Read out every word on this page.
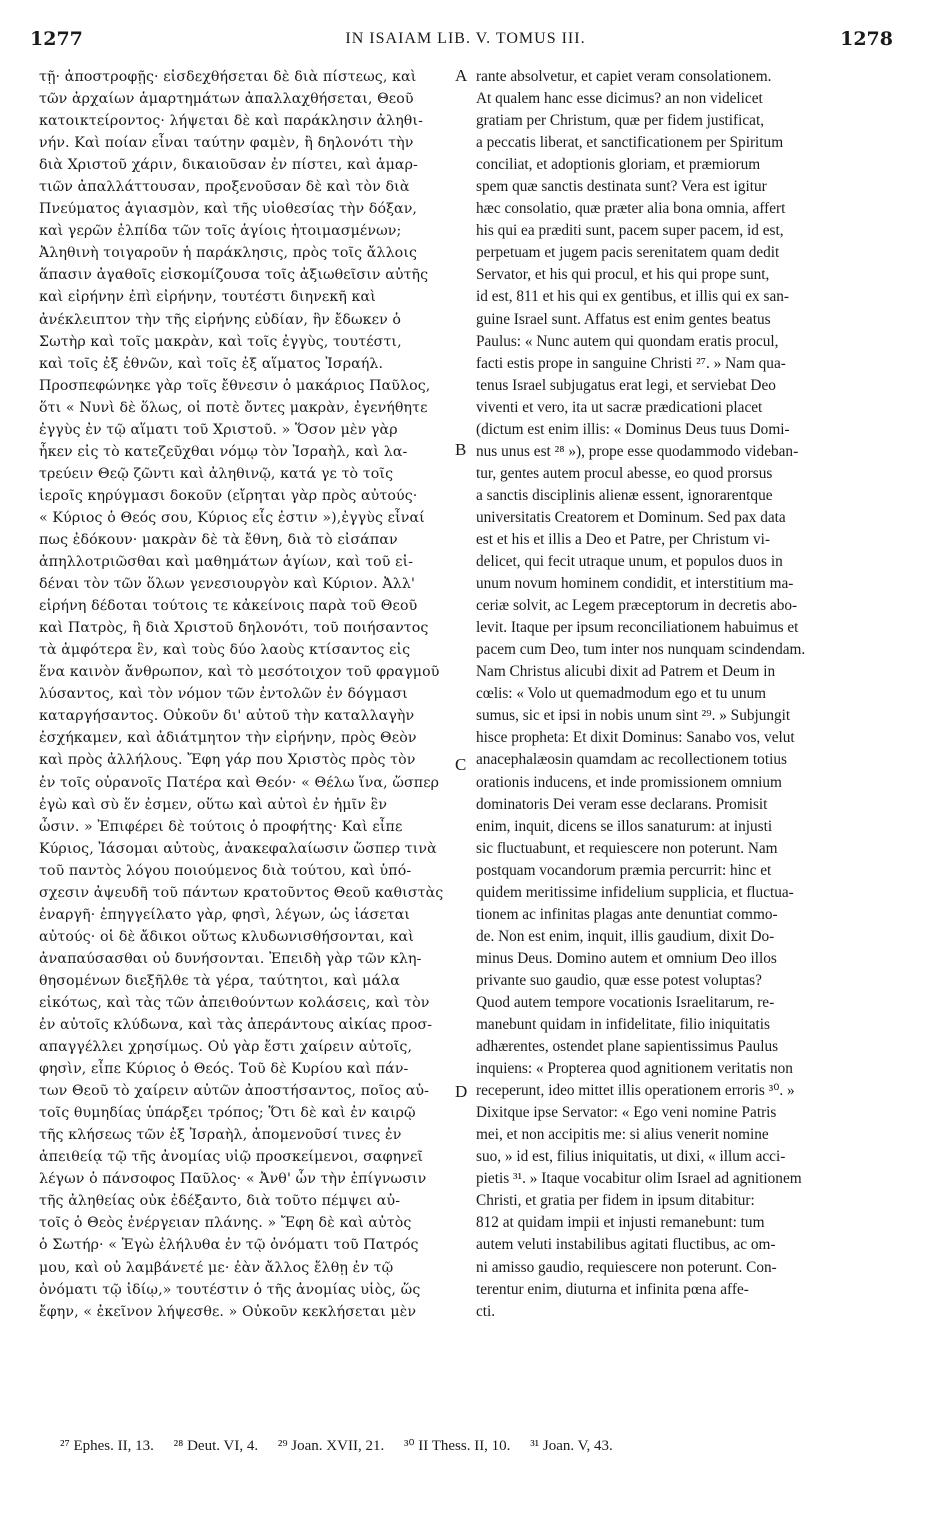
1277	IN ISAIAM LIB. V. TOMUS III.	1278
τῇ· ἀποστροφῇς· εἰσδεχθήσεται δὲ διὰ πίστεως, καὶ
τῶν ἀρχαίων ἁμαρτημάτων ἀπαλλαχθήσεται, Θεοῦ
κατοικτείροντος· λήψεται δὲ καὶ παράκλησιν ἀληθι-
νήν. Καὶ ποίαν εἶναι ταύτην φαμὲν, ἢ δηλονότι τὴν
διὰ Χριστοῦ χάριν, δικαιοῦσαν ἐν πίστει, καὶ ἁμαρ-
τιῶν ἀπαλλάττουσαν, προξενοῦσαν δὲ καὶ τὸν διὰ
Πνεύματος ἁγιασμὸν, καὶ τῆς υἱοθεσίας τὴν δόξαν,
καὶ γερῶν ἐλπίδα τῶν τοῖς ἁγίοις ἡτοιμασμένων;
Ἀληθινὴ τοιγαροῦν ἡ παράκλησις, πρὸς τοῖς ἄλλοις
ἅπασιν ἀγαθοῖς εἰσκομίζουσα τοῖς ἀξιωθεῖσιν αὐτῆς
καὶ εἰρήνην ἐπὶ εἰρήνην, τουτέστι διηνεκῆ καὶ
ἀνέκλειπτον τὴν τῆς εἰρήνης εὐδίαν, ἣν ἔδωκεν ὁ
Σωτὴρ καὶ τοῖς μακρὰν, καὶ τοῖς ἐγγὺς, τουτέστι,
καὶ τοῖς ἐξ ἐθνῶν, καὶ τοῖς ἐξ αἵματος Ἰσραήλ.
Προσπεφώνηκε γὰρ τοῖς ἔθνεσιν ὁ μακάριος Παῦλος,
ὅτι « Νυνὶ δὲ ὅλως, οἱ ποτὲ ὄντες μακρὰν, ἐγενήθητε
ἐγγὺς ἐν τῷ αἵματι τοῦ Χριστοῦ. » Ὅσον μὲν γὰρ
ἧκεν εἰς τὸ κατεζεῦχθαι νόμῳ τὸν Ἰσραὴλ, καὶ λα-
τρεύειν Θεῷ ζῶντι καὶ ἀληθινῷ, κατά γε τὸ τοῖς
ἱεροῖς κηρύγμασι δοκοῦν (εἴρηται γὰρ πρὸς αὐτούς·
« Κύριος ὁ Θεός σου, Κύριος εἷς ἐστιν »),ἐγγὺς εἶναί
πως ἐδόκουν· μακρὰν δὲ τὰ ἔθνη, διὰ τὸ εἰσάπαν
ἀπηλλοτριῶσθαι καὶ μαθημάτων ἁγίων, καὶ τοῦ εἰ-
δέναι τὸν τῶν ὅλων γενεσιουργὸν καὶ Κύριον. Ἀλλ'
εἰρήνη δέδοται τούτοις τε κἀκείνοις παρὰ τοῦ Θεοῦ
καὶ Πατρὸς, ἢ διὰ Χριστοῦ δηλονότι, τοῦ ποιήσαντος
τὰ ἀμφότερα ἓν, καὶ τοὺς δύο λαοὺς κτίσαντος εἰς
ἕνα καινὸν ἄνθρωπον, καὶ τὸ μεσότοιχον τοῦ φραγμοῦ
λύσαντος, καὶ τὸν νόμον τῶν ἐντολῶν ἐν δόγμασι
καταργήσαντος. Οὐκοῦν δι' αὐτοῦ τὴν καταλλαγὴν
ἐσχήκαμεν, καὶ ἀδιάτμητον τὴν εἰρήνην, πρὸς Θεὸν
καὶ πρὸς ἀλλήλους. Ἔφη γάρ που Χριστὸς πρὸς τὸν
ἐν τοῖς οὐρανοῖς Πατέρα καὶ Θεόν· « Θέλω ἵνα, ὥσπερ
ἐγὼ καὶ σὺ ἕν ἐσμεν, οὕτω καὶ αὐτοὶ ἐν ἡμῖν ἓν
ὦσιν. » Ἐπιφέρει δὲ τούτοις ὁ προφήτης· Καὶ εἶπε
Κύριος, Ἰάσομαι αὐτοὺς, ἀνακεφαλαίωσιν ὥσπερ τινὰ
τοῦ παντὸς λόγου ποιούμενος διὰ τούτου, καὶ ὑπό-
σχεσιν ἀψευδῆ τοῦ πάντων κρατοῦντος Θεοῦ καθιστὰς
ἐναργῆ· ἐπηγγείλατο γὰρ, φησὶ, λέγων, ὡς ἰάσεται
αὐτούς· οἱ δὲ ἄδικοι οὕτως κλυδωνισθήσονται, καὶ
ἀναπαύσασθαι οὐ δυνήσονται. Ἐπειδὴ γὰρ τῶν κλη-
θησομένων διεξῆλθε τὰ γέρα, ταύτητοι, καὶ μάλα
εἰκότως, καὶ τὰς τῶν ἀπειθούντων κολάσεις, καὶ τὸν
ἐν αὐτοῖς κλύδωνα, καὶ τὰς ἀπεράντους αἰκίας προσ-
απαγγέλλει χρησίμως. Οὐ γὰρ ἔστι χαίρειν αὐτοῖς,
φησὶν, εἶπε Κύριος ὁ Θεός. Τοῦ δὲ Κυρίου καὶ πάν-
των Θεοῦ τὸ χαίρειν αὐτῶν ἀποστήσαντος, ποῖος αὐ-
τοῖς θυμηδίας ὑπάρξει τρόπος; Ὅτι δὲ καὶ ἐν καιρῷ
τῆς κλήσεως τῶν ἐξ Ἰσραὴλ, ἀπομενοῦσί τινες ἐν
ἀπειθείᾳ τῷ τῆς ἀνομίας υἱῷ προσκείμενοι, σαφηνεῖ
λέγων ὁ πάνσοφος Παῦλος· « Ἀνθ' ὧν τὴν ἐπίγνωσιν
τῆς ἀληθείας οὐκ ἐδέξαντο, διὰ τοῦτο πέμψει αὐ-
τοῖς ὁ Θεὸς ἐνέργειαν πλάνης. » Ἔφη δὲ καὶ αὐτὸς
ὁ Σωτήρ· « Ἐγὼ ἐλήλυθα ἐν τῷ ὀνόματι τοῦ Πατρός
μου, καὶ οὐ λαμβάνετέ με· ἐὰν ἄλλος ἔλθῃ ἐν τῷ
ὀνόματι τῷ ἰδίῳ,» τουτέστιν ὁ τῆς ἀνομίας υἱὸς, ὥς
ἔφην, « ἐκεῖνον λήψεσθε. » Οὐκοῦν κεκλήσεται μὲν
A
B
C
D
rante absolvetur, et capiet veram consolationem.
At qualem hanc esse dicimus? an non videlicet
gratiam per Christum, quæ per fidem justificat,
a peccatis liberat, et sanctificationem per Spiritum
conciliat, et adoptionis gloriam, et præmiorum
spem quæ sanctis destinata sunt? Vera est igitur
hæc consolatio, quæ præter alia bona omnia, affert
his qui ea præditi sunt, pacem super pacem, id est,
perpetuam et jugem pacis serenitatem quam dedit
Servator, et his qui procul, et his qui prope sunt,
id est, 811 et his qui ex gentibus, et illis qui ex san-
guine Israel sunt. Affatus est enim gentes beatus
Paulus: « Nunc autem qui quondam eratis procul,
facti estis prope in sanguine Christi ²⁷. » Nam qua-
tenus Israel subjugatus erat legi, et serviebat Deo
viventi et vero, ita ut sacræ prædicationi placet
(dictum est enim illis: « Dominus Deus tuus Domi-
nus unus est ²⁸ »), prope esse quodammodo videban-
tur, gentes autem procul abesse, eo quod prorsus
a sanctis disciplinis alienæ essent, ignorarentque
universitatis Creatorem et Dominum. Sed pax data
est et his et illis a Deo et Patre, per Christum vi-
delicet, qui fecit utraque unum, et populos duos in
unum novum hominem condidit, et interstitium ma-
ceriæ solvit, ac Legem præceptorum in decretis abo-
levit. Itaque per ipsum reconciliationem habuimus et
pacem cum Deo, tum inter nos nunquam scindendam.
Nam Christus alicubi dixit ad Patrem et Deum in
cœlis: « Volo ut quemadmodum ego et tu unum
sumus, sic et ipsi in nobis unum sint ²⁹. » Subjungit
hisce propheta: Et dixit Dominus: Sanabo vos, velut
anacephalæosin quamdam ac recollectionem totius
orationis inducens, et inde promissionem omnium
dominatoris Dei veram esse declarans. Promisit
enim, inquit, dicens se illos sanaturum: at injusti
sic fluctuabunt, et requiescere non poterunt. Nam
postquam vocandorum præmia percurrit: hinc et
quidem meritissime infidelium supplicia, et fluctua-
tionem ac infinitas plagas ante denuntiat commo-
de. Non est enim, inquit, illis gaudium, dixit Do-
minus Deus. Domino autem et omnium Deo illos
privante suo gaudio, quæ esse potest voluptas?
Quod autem tempore vocationis Israelitarum, re-
manebunt quidam in infidelitate, filio iniquitatis
adhærentes, ostendet plane sapientissimus Paulus
inquiens: « Propterea quod agnitionem veritatis non
receperunt, ideo mittet illis operationem erroris ³⁰. »
Dixitque ipse Servator: « Ego veni nomine Patris
mei, et non accipitis me: si alius venerit nomine
suo, » id est, filius iniquitatis, ut dixi, « illum acci-
pietis ³¹. » Itaque vocabitur olim Israel ad agnitionem
Christi, et gratia per fidem in ipsum ditabitur:
812 at quidam impii et injusti remanebunt: tum
autem veluti instabilibus agitati fluctibus, ac om-
ni amisso gaudio, requiescere non poterunt. Con-
terentur enim, diuturna et infinita pœna affe-
cti.
²⁷ Ephes. II, 13. ²⁸ Deut. VI, 4. ²⁹ Joan. XVII, 21. ³⁰ II Thess. II, 10. ³¹ Joan. V, 43.
